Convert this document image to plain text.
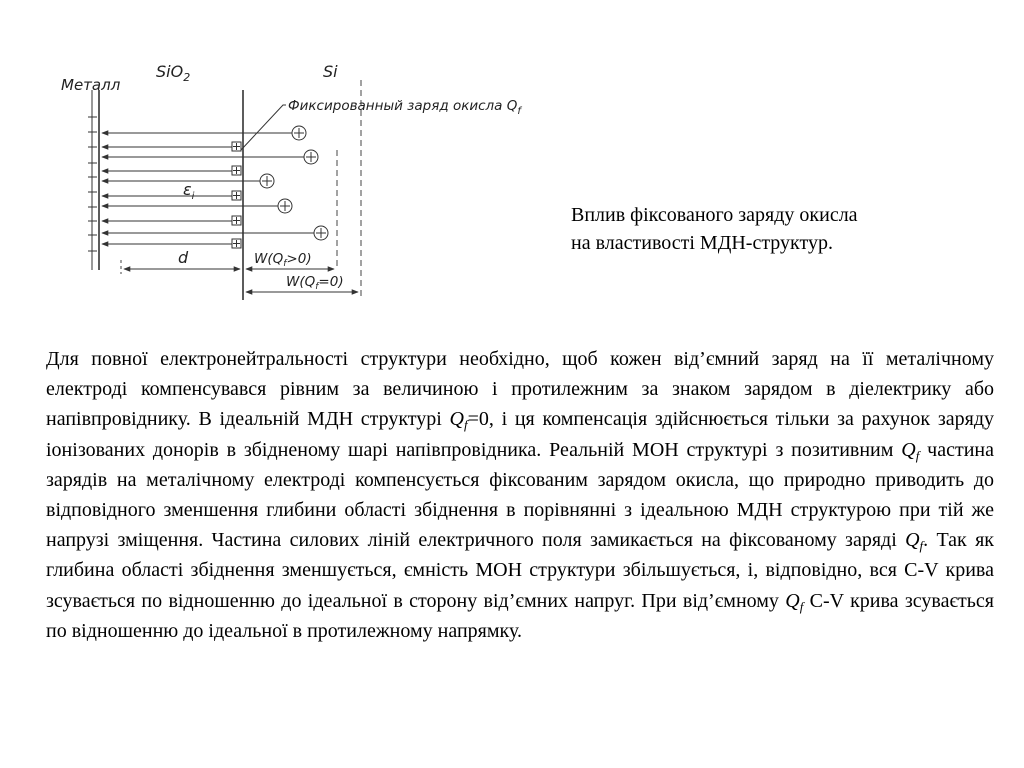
Металл
SiO$_2$	Si
Фиксированный заряд окисла $Q_f$
$\varepsilon_i$
d	$W(Q_f>0)$
$W(Q_f=0)$

Вплив фіксованого заряду окисла
на властивості МДН-структур.

Для повної електронейтральності структури необхідно, щоб кожен від’ємний заряд на її металічному електроді компенсувався рівним за величиною і протилежним за знаком зарядом в діелектрику або напівпровіднику. В ідеальній МДН структурі $Q_f=0$, і ця компенсація здійснюється тільки за рахунок заряду іонізованих донорів в збідненому шарі напівпровідника. Реальній МОН структурі з позитивним $Q_f$ частина зарядів на металічному електроді компенсується фіксованим зарядом окисла, що природно приводить до відповідного зменшення глибини області збіднення в порівнянні з ідеальною МДН структурою при тій же напрузі зміщення. Частина силових ліній електричного поля замикається на фіксованому заряді $Q_f$. Так як глибина області збіднення зменшується, ємність МОН структури збільшується, і, відповідно, вся C-V крива зсувається по відношенню до ідеальної в сторону від’ємних напруг. При від’ємному $Q_f$ C-V крива зсувається по відношенню до ідеальної в протилежному напрямку.
